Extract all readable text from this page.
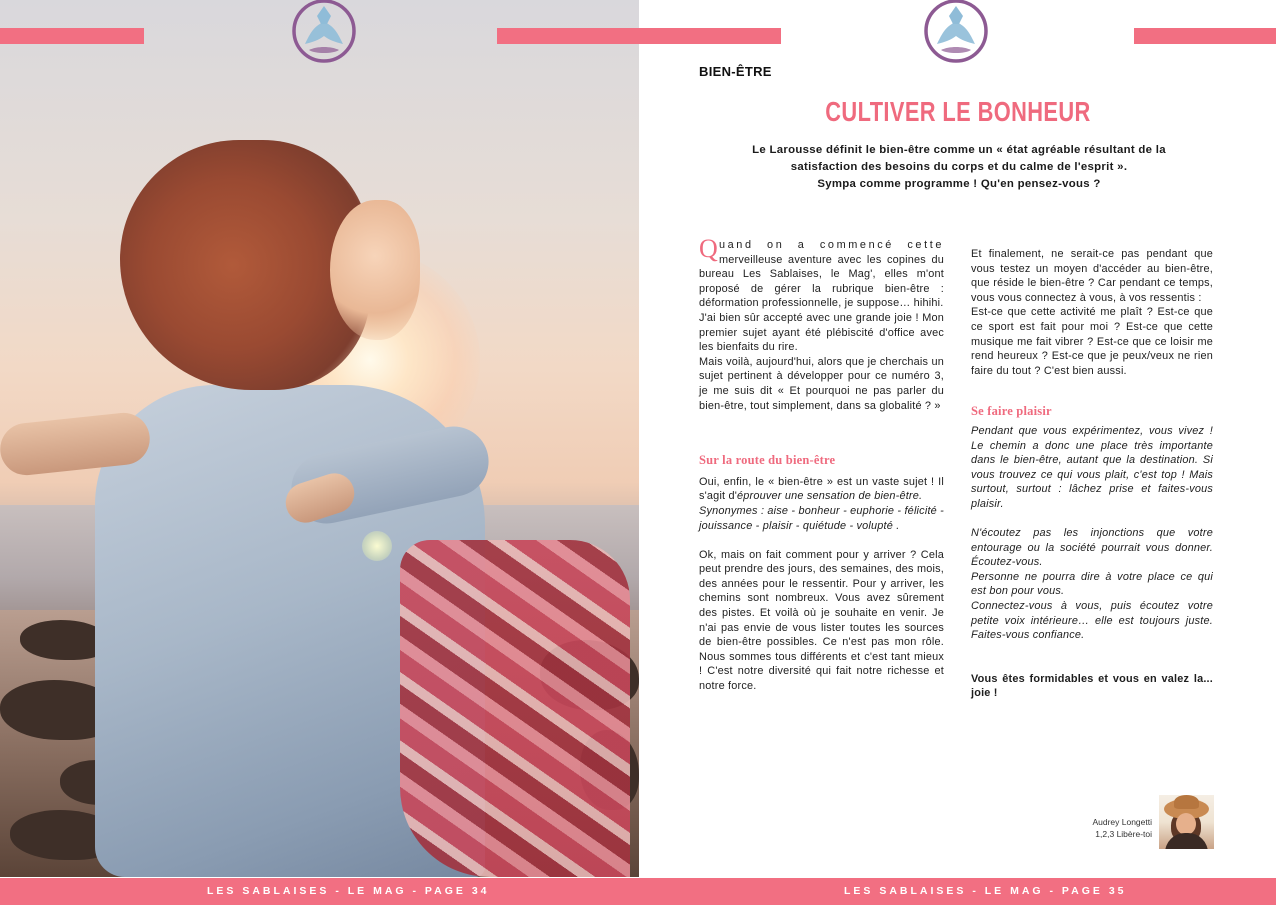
BIEN-ÊTRE
CULTIVER LE BONHEUR
Le Larousse définit le bien-être comme un « état agréable résultant de la
satisfaction des besoins du corps et du calme de l'esprit ».
Sympa comme programme ! Qu'en pensez-vous ?

Quand on a commencé cette merveilleuse aventure avec les copines du bureau Les Sablaises, le Mag', elles m'ont proposé de gérer la rubrique bien-être : déformation professionnelle, je suppose… hihihi.

J'ai bien sûr accepté avec une grande joie ! Mon premier sujet ayant été plébiscité d'office avec les bienfaits du rire.

Mais voilà, aujourd'hui, alors que je cherchais un sujet pertinent à développer pour ce numéro 3, je me suis dit « Et pourquoi ne pas parler du bien-être, tout simplement, dans sa globalité ? »

Sur la route du bien-être

Oui, enfin, le « bien-être » est un vaste sujet ! Il s'agit d'éprouver une sensation de bien-être.

Synonymes : aise - bonheur - euphorie - félicité - jouissance - plaisir - quiétude - volupté .

Ok, mais on fait comment pour y arriver ? Cela peut prendre des jours, des semaines, des mois, des années pour le ressentir. Pour y arriver, les chemins sont nombreux. Vous avez sûrement des pistes. Et voilà où je souhaite en venir. Je n'ai pas envie de vous lister toutes les sources de bien-être possibles. Ce n'est pas mon rôle. Nous sommes tous différents et c'est tant mieux ! C'est notre diversité qui fait notre richesse et notre force.

Et finalement, ne serait-ce pas pendant que vous testez un moyen d'accéder au bien-être, que réside le bien-être ? Car pendant ce temps, vous vous connectez à vous, à vos ressentis :

Est-ce que cette activité me plaît ? Est-ce que ce sport est fait pour moi ? Est-ce que cette musique me fait vibrer ? Est-ce que ce loisir me rend heureux ? Est-ce que je peux/veux ne rien faire du tout ? C'est bien aussi.

Se faire plaisir

Pendant que vous expérimentez, vous vivez ! Le chemin a donc une place très importante dans le bien-être, autant que la destination. Si vous trouvez ce qui vous plait, c'est top ! Mais surtout, surtout : lâchez prise et faites-vous plaisir.

N'écoutez pas les injonctions que votre entourage ou la société pourrait vous donner. Écoutez-vous.

Personne ne pourra dire à votre place ce qui est bon pour vous.

Connectez-vous à vous, puis écoutez votre petite voix intérieure… elle est toujours juste. Faites-vous confiance.

Vous êtes formidables et vous en valez la... joie !

Audrey Longetti
1,2,3 Libère-toi
LES SABLAISES - LE MAG - PAGE 34	LES SABLAISES - LE MAG - PAGE 35
